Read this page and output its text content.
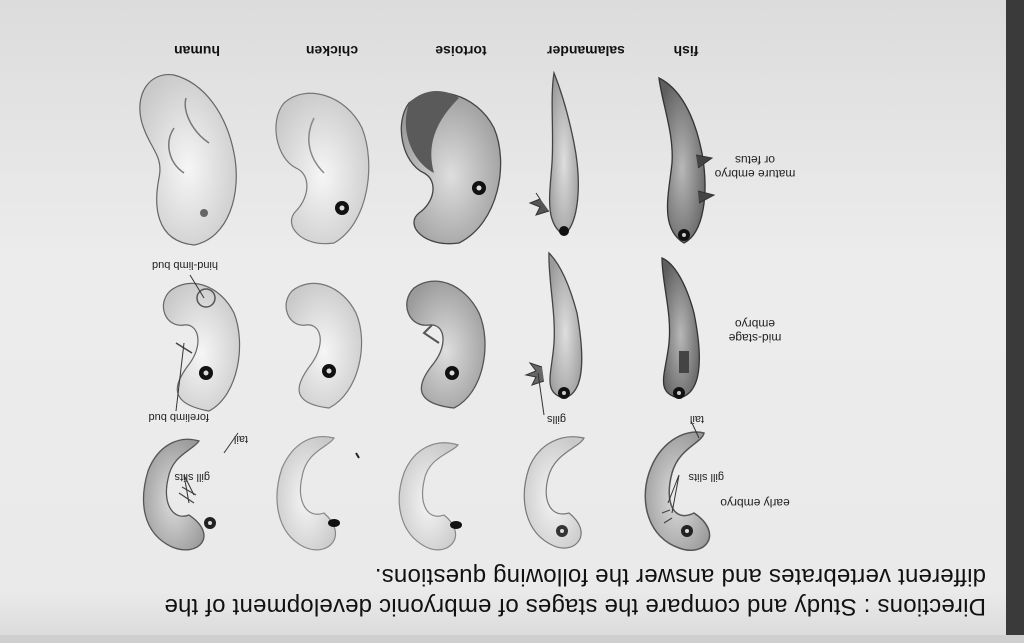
Directions : Study and compare the stages of embryonic development of the
different vertebrates and answer the following questions.
fish
salamander
tortoise
chicken
human
early embryo
mid-stage
embryo
mature embryo
or fetus
gill slits
tail
gill slits
tail
gills
forelimb bud
hind-limb bud
